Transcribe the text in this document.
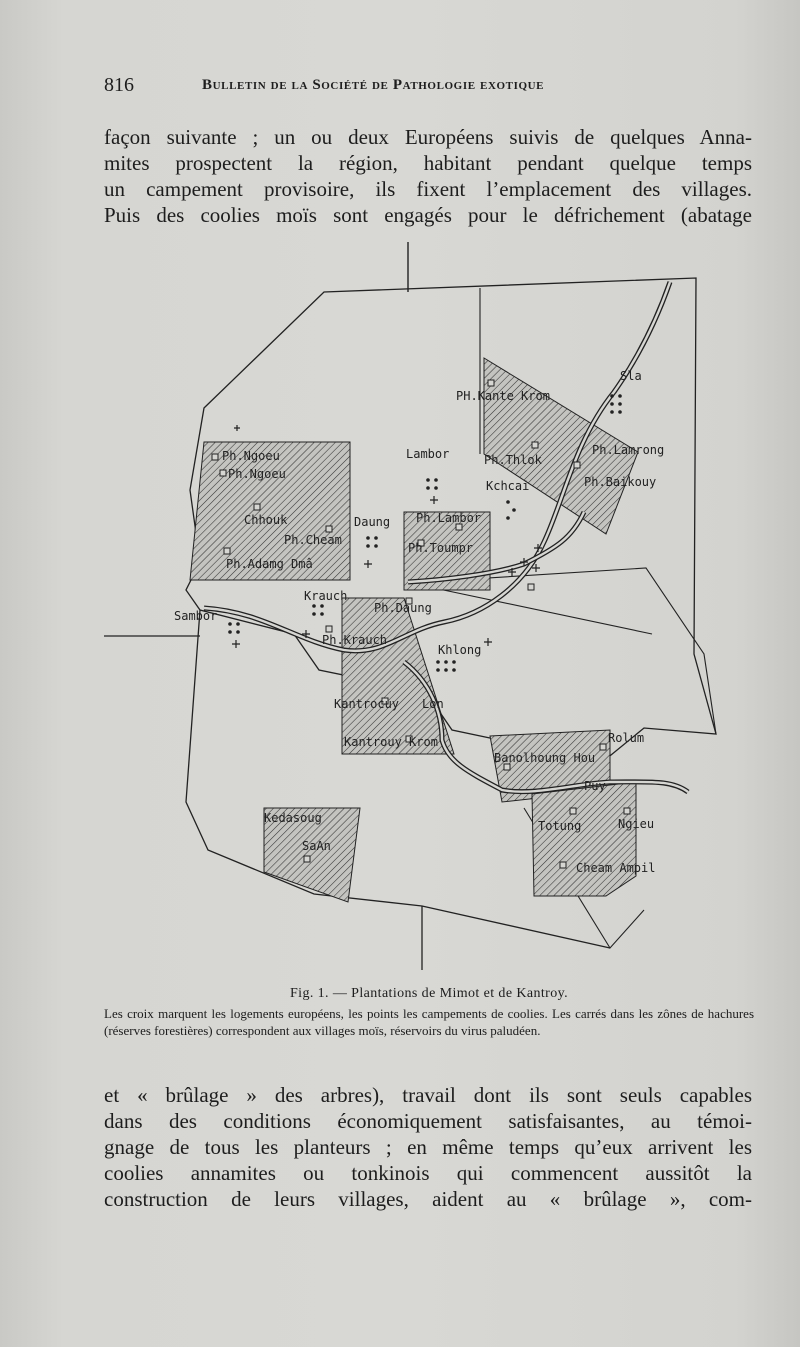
816	Bulletin de la Société de Pathologie exotique
façon suivante ; un ou deux Européens suivis de quelques Anna-
mites prospectent la région, habitant pendant quelque temps
un campement provisoire, ils fixent l’emplacement des villages.
Puis des coolies moïs sont engagés pour le défrichement (abatage
Sla
PH.Kante Krom
Lambor	Ph.Thlok
Kchcai
Ph.Lamrong
Ph.Baikouy
Ph.Ngoeu
Ph.Ngoeu
Chhouk
Ph.Cheam
Ph.Adamg Dmâ
Daung Ph.Lambor
Ph.Toumpr
Sambor
Krauch
Ph.Daung
Ph.Krauch
Khlong
Kantrocuy Lon
Kantrouy Krom	Rolum
Banolhoung Hou
Puy
Totung	Ngieu
Cheam Ampil
Kedasoug
SaAn
Fig. 1. — Plantations de Mimot et de Kantroy.
Les croix marquent les logements européens, les points les campements de coolies. Les carrés dans les zônes de hachures (réserves forestières) correspondent aux villages moïs, réservoirs du virus paludéen.
et « brûlage » des arbres), travail dont ils sont seuls capables
dans des conditions économiquement satisfaisantes, au témoi-
gnage de tous les planteurs ; en même temps qu’eux arrivent les
coolies annamites ou tonkinois qui commencent aussitôt la
construction de leurs villages, aident au « brûlage », com-
